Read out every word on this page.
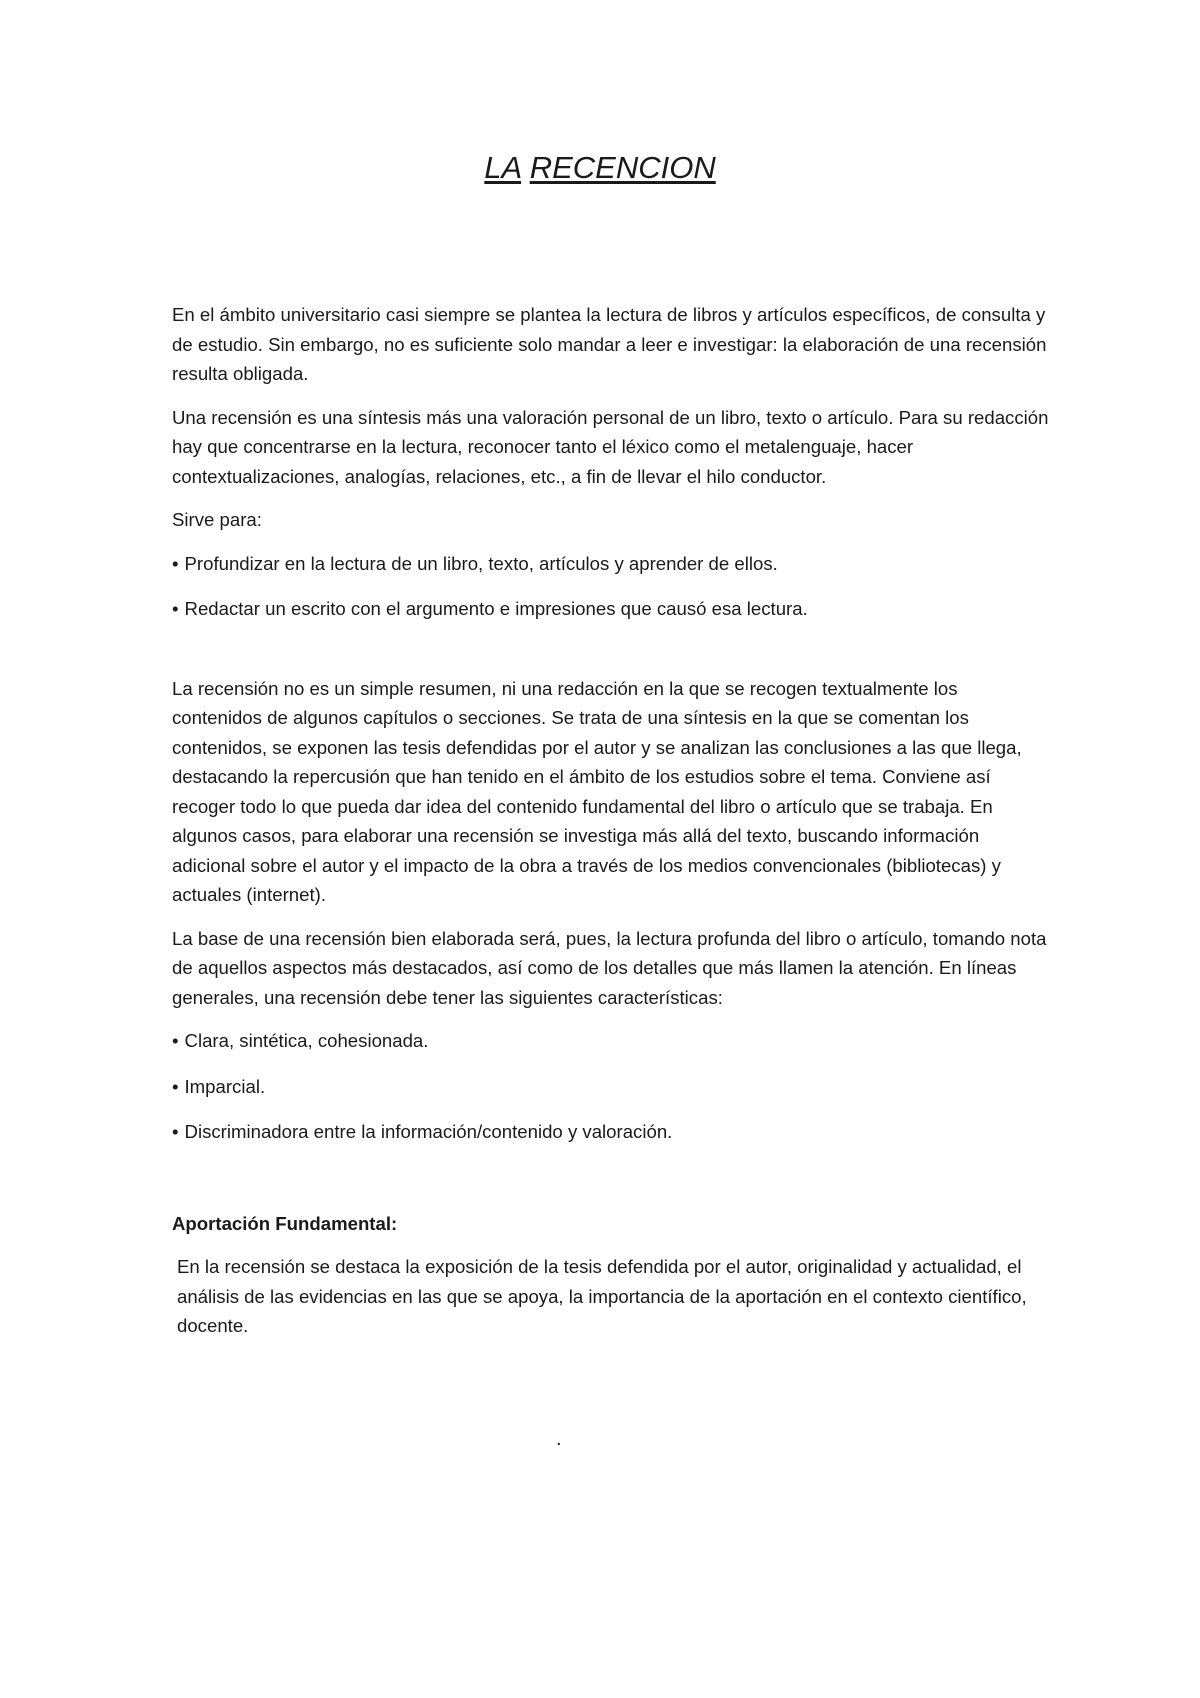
LA RECENCION

En el ámbito universitario casi siempre se plantea la lectura de libros y artículos específicos, de consulta y de estudio. Sin embargo, no es suficiente solo mandar a leer e investigar: la elaboración de una recensión resulta obligada.

Una recensión es una síntesis más una valoración personal de un libro, texto o artículo. Para su redacción hay que concentrarse en la lectura, reconocer tanto el léxico como el metalenguaje, hacer contextualizaciones, analogías, relaciones, etc., a fin de llevar el hilo conductor.

Sirve para:

• Profundizar en la lectura de un libro, texto, artículos y aprender de ellos.
• Redactar un escrito con el argumento e impresiones que causó esa lectura.

La recensión no es un simple resumen, ni una redacción en la que se recogen textualmente los contenidos de algunos capítulos o secciones. Se trata de una síntesis en la que se comentan los contenidos, se exponen las tesis defendidas por el autor y se analizan las conclusiones a las que llega, destacando la repercusión que han tenido en el ámbito de los estudios sobre el tema. Conviene así recoger todo lo que pueda dar idea del contenido fundamental del libro o artículo que se trabaja. En algunos casos, para elaborar una recensión se investiga más allá del texto, buscando información adicional sobre el autor y el impacto de la obra a través de los medios convencionales (bibliotecas) y actuales (internet).

La base de una recensión bien elaborada será, pues, la lectura profunda del libro o artículo, tomando nota de aquellos aspectos más destacados, así como de los detalles que más llamen la atención. En líneas generales, una recensión debe tener las siguientes características:

• Clara, sintética, cohesionada.
• Imparcial.
• Discriminadora entre la información/contenido y valoración.

Aportación Fundamental:

En la recensión se destaca la exposición de la tesis defendida por el autor, originalidad y actualidad, el análisis de las evidencias en las que se apoya, la importancia de la aportación en el contexto científico, docente.

.
